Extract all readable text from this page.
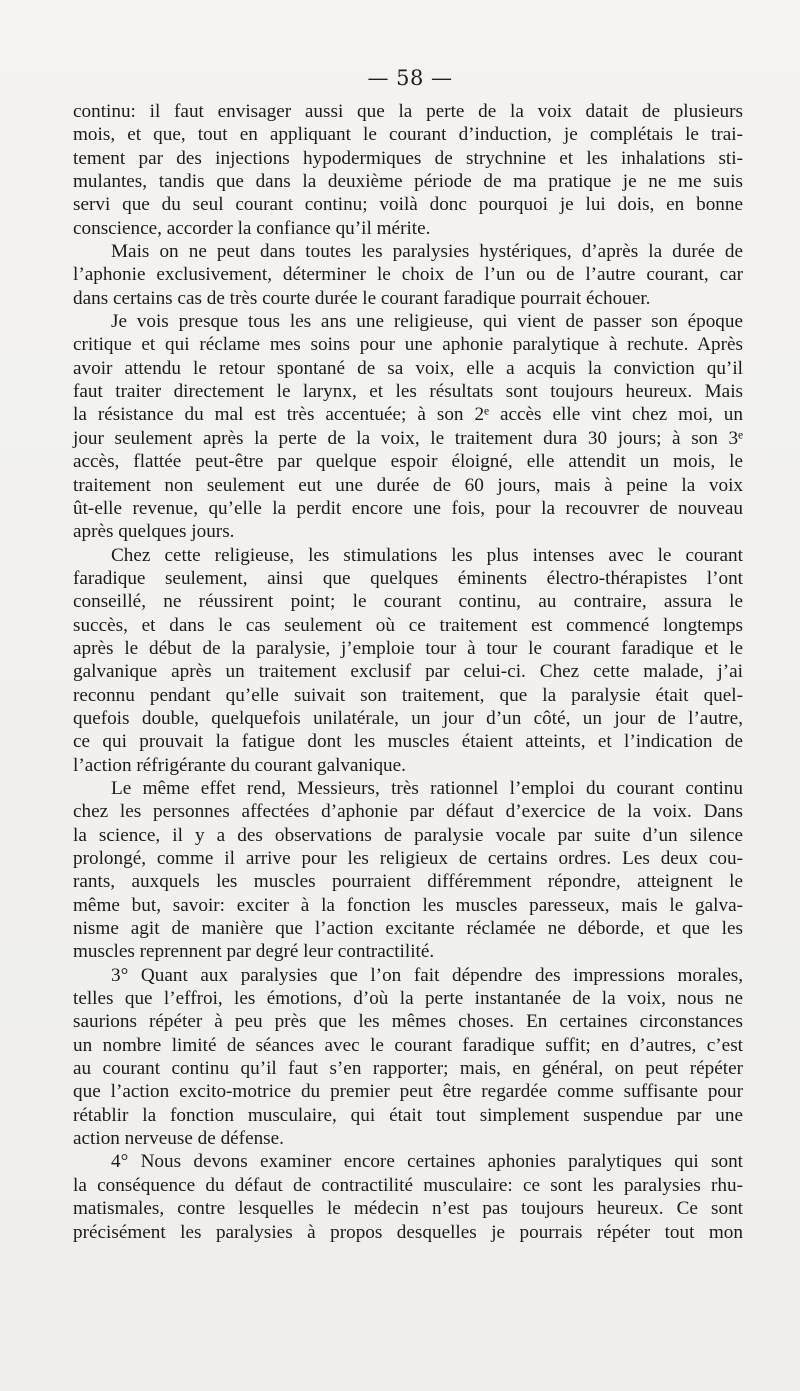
— 58 —
continu: il faut envisager aussi que la perte de la voix datait de plusieurs
mois, et que, tout en appliquant le courant d’induction, je complétais le trai-
tement par des injections hypodermiques de strychnine et les inhalations sti-
mulantes, tandis que dans la deuxième période de ma pratique je ne me suis
servi que du seul courant continu; voilà donc pourquoi je lui dois, en bonne
conscience, accorder la confiance qu’il mérite.
Mais on ne peut dans toutes les paralysies hystériques, d’après la durée de
l’aphonie exclusivement, déterminer le choix de l’un ou de l’autre courant, car
dans certains cas de très courte durée le courant faradique pourrait échouer.
Je vois presque tous les ans une religieuse, qui vient de passer son époque
critique et qui réclame mes soins pour une aphonie paralytique à rechute. Après
avoir attendu le retour spontané de sa voix, elle a acquis la conviction qu’il
faut traiter directement le larynx, et les résultats sont toujours heureux. Mais
la résistance du mal est très accentuée; à son 2ᵉ accès elle vint chez moi, un
jour seulement après la perte de la voix, le traitement dura 30 jours; à son 3ᵉ
accès, flattée peut-être par quelque espoir éloigné, elle attendit un mois, le
traitement non seulement eut une durée de 60 jours, mais à peine la voix
ût-elle revenue, qu’elle la perdit encore une fois, pour la recouvrer de nouveau
après quelques jours.
Chez cette religieuse, les stimulations les plus intenses avec le courant
faradique seulement, ainsi que quelques éminents électro-thérapistes l’ont
conseillé, ne réussirent point; le courant continu, au contraire, assura le
succès, et dans le cas seulement où ce traitement est commencé longtemps
après le début de la paralysie, j’emploie tour à tour le courant faradique et le
galvanique après un traitement exclusif par celui-ci. Chez cette malade, j’ai
reconnu pendant qu’elle suivait son traitement, que la paralysie était quel-
quefois double, quelquefois unilatérale, un jour d’un côté, un jour de l’autre,
ce qui prouvait la fatigue dont les muscles étaient atteints, et l’indication de
l’action réfrigérante du courant galvanique.
Le même effet rend, Messieurs, très rationnel l’emploi du courant continu
chez les personnes affectées d’aphonie par défaut d’exercice de la voix. Dans
la science, il y a des observations de paralysie vocale par suite d’un silence
prolongé, comme il arrive pour les religieux de certains ordres. Les deux cou-
rants, auxquels les muscles pourraient différemment répondre, atteignent le
même but, savoir: exciter à la fonction les muscles paresseux, mais le galva-
nisme agit de manière que l’action excitante réclamée ne déborde, et que les
muscles reprennent par degré leur contractilité.
3° Quant aux paralysies que l’on fait dépendre des impressions morales,
telles que l’effroi, les émotions, d’où la perte instantanée de la voix, nous ne
saurions répéter à peu près que les mêmes choses. En certaines circonstances
un nombre limité de séances avec le courant faradique suffit; en d’autres, c’est
au courant continu qu’il faut s’en rapporter; mais, en général, on peut répéter
que l’action excito-motrice du premier peut être regardée comme suffisante pour
rétablir la fonction musculaire, qui était tout simplement suspendue par une
action nerveuse de défense.
4° Nous devons examiner encore certaines aphonies paralytiques qui sont
la conséquence du défaut de contractilité musculaire: ce sont les paralysies rhu-
matismales, contre lesquelles le médecin n’est pas toujours heureux. Ce sont
précisément les paralysies à propos desquelles je pourrais répéter tout mon
